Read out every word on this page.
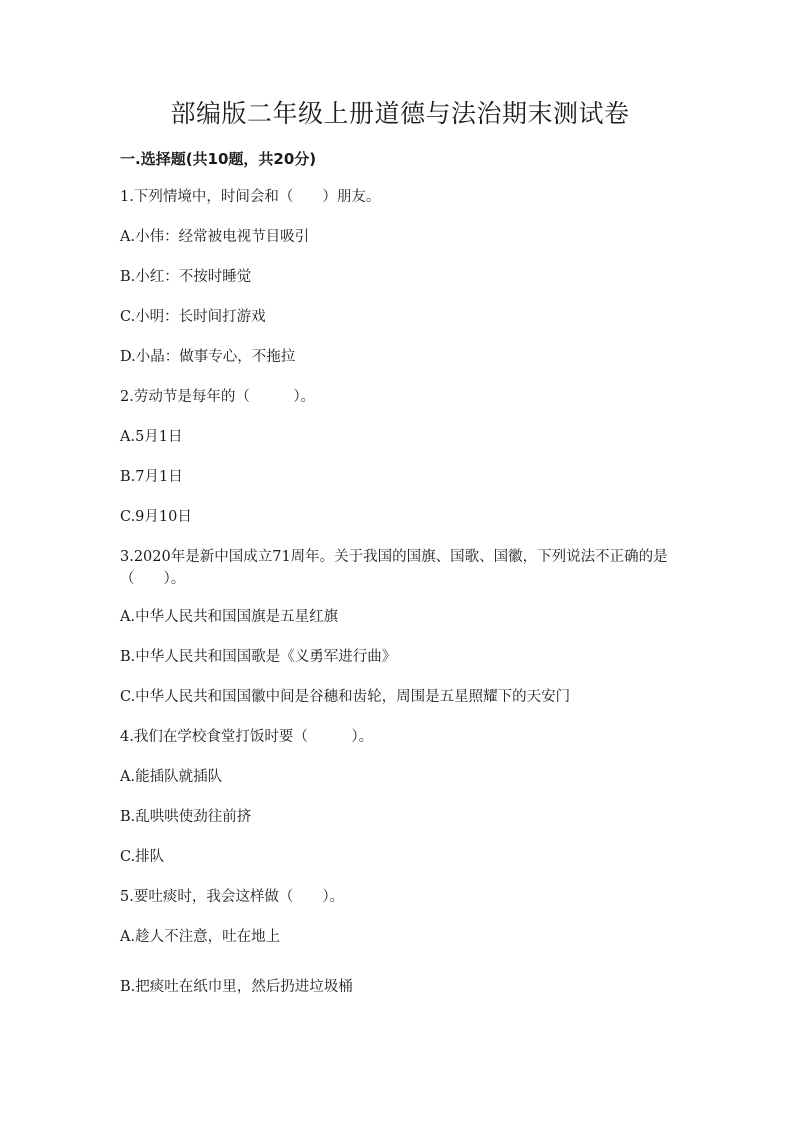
部编版二年级上册道德与法治期末测试卷
一.选择题(共10题，共20分)
1.下列情境中，时间会和（　　）朋友。
A.小伟：经常被电视节目吸引
B.小红：不按时睡觉
C.小明：长时间打游戏
D.小晶：做事专心，不拖拉
2.劳动节是每年的（　　　）。
A.5月1日
B.7月1日
C.9月10日
3.2020年是新中国成立71周年。关于我国的国旗、国歌、国徽，下列说法不正确的是（　　）。
A.中华人民共和国国旗是五星红旗
B.中华人民共和国国歌是《义勇军进行曲》
C.中华人民共和国国徽中间是谷穗和齿轮，周围是五星照耀下的天安门
4.我们在学校食堂打饭时要（　　　）。
A.能插队就插队
B.乱哄哄使劲往前挤
C.排队
5.要吐痰时，我会这样做（　　）。
A.趁人不注意，吐在地上
B.把痰吐在纸巾里，然后扔进垃圾桶
